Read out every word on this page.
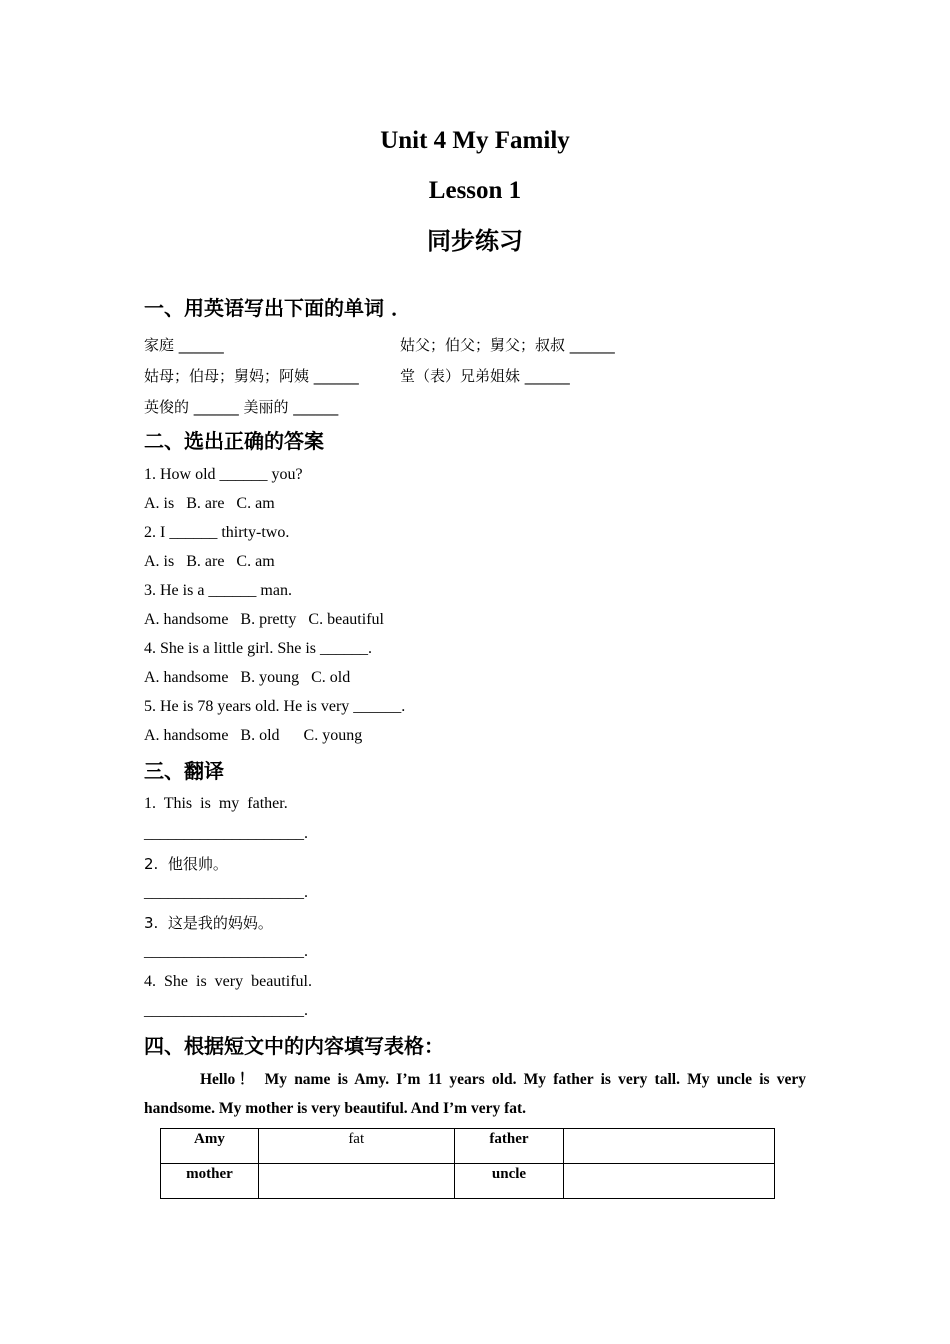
Unit 4 My Family
Lesson 1
同步练习
一、用英语写出下面的单词 ．

家庭 ______	姑父；伯父；舅父；叔叔 ______

姑母；伯母；舅妈；阿姨 ______	堂（表）兄弟姐妹 ______

英俊的 ______ 美丽的 ______

二、选出正确的答案

1. How old ______ you?

A. is   B. are   C. am

2. I ______ thirty-two.

A. is   B. are   C. am

3. He is a ______ man.

A. handsome   B. pretty   C. beautiful

4. She is a little girl. She is ______.

A. handsome   B. young   C. old

5. He is 78 years old. He is very ______.

A. handsome   B. old      C. young

三、翻译

1.  This  is  my  father.

____________________.

2.  他很帅。

____________________.

3.  这是我的妈妈。

____________________.

4.  She  is  very  beautiful.

____________________.

四、根据短文中的内容填写表格：

Hello！ My name is Amy. I’m 11 years old. My father is very tall. My uncle is very handsome. My mother is very beautiful. And I’m very fat.

Amy	fat	father	
mother		uncle	
